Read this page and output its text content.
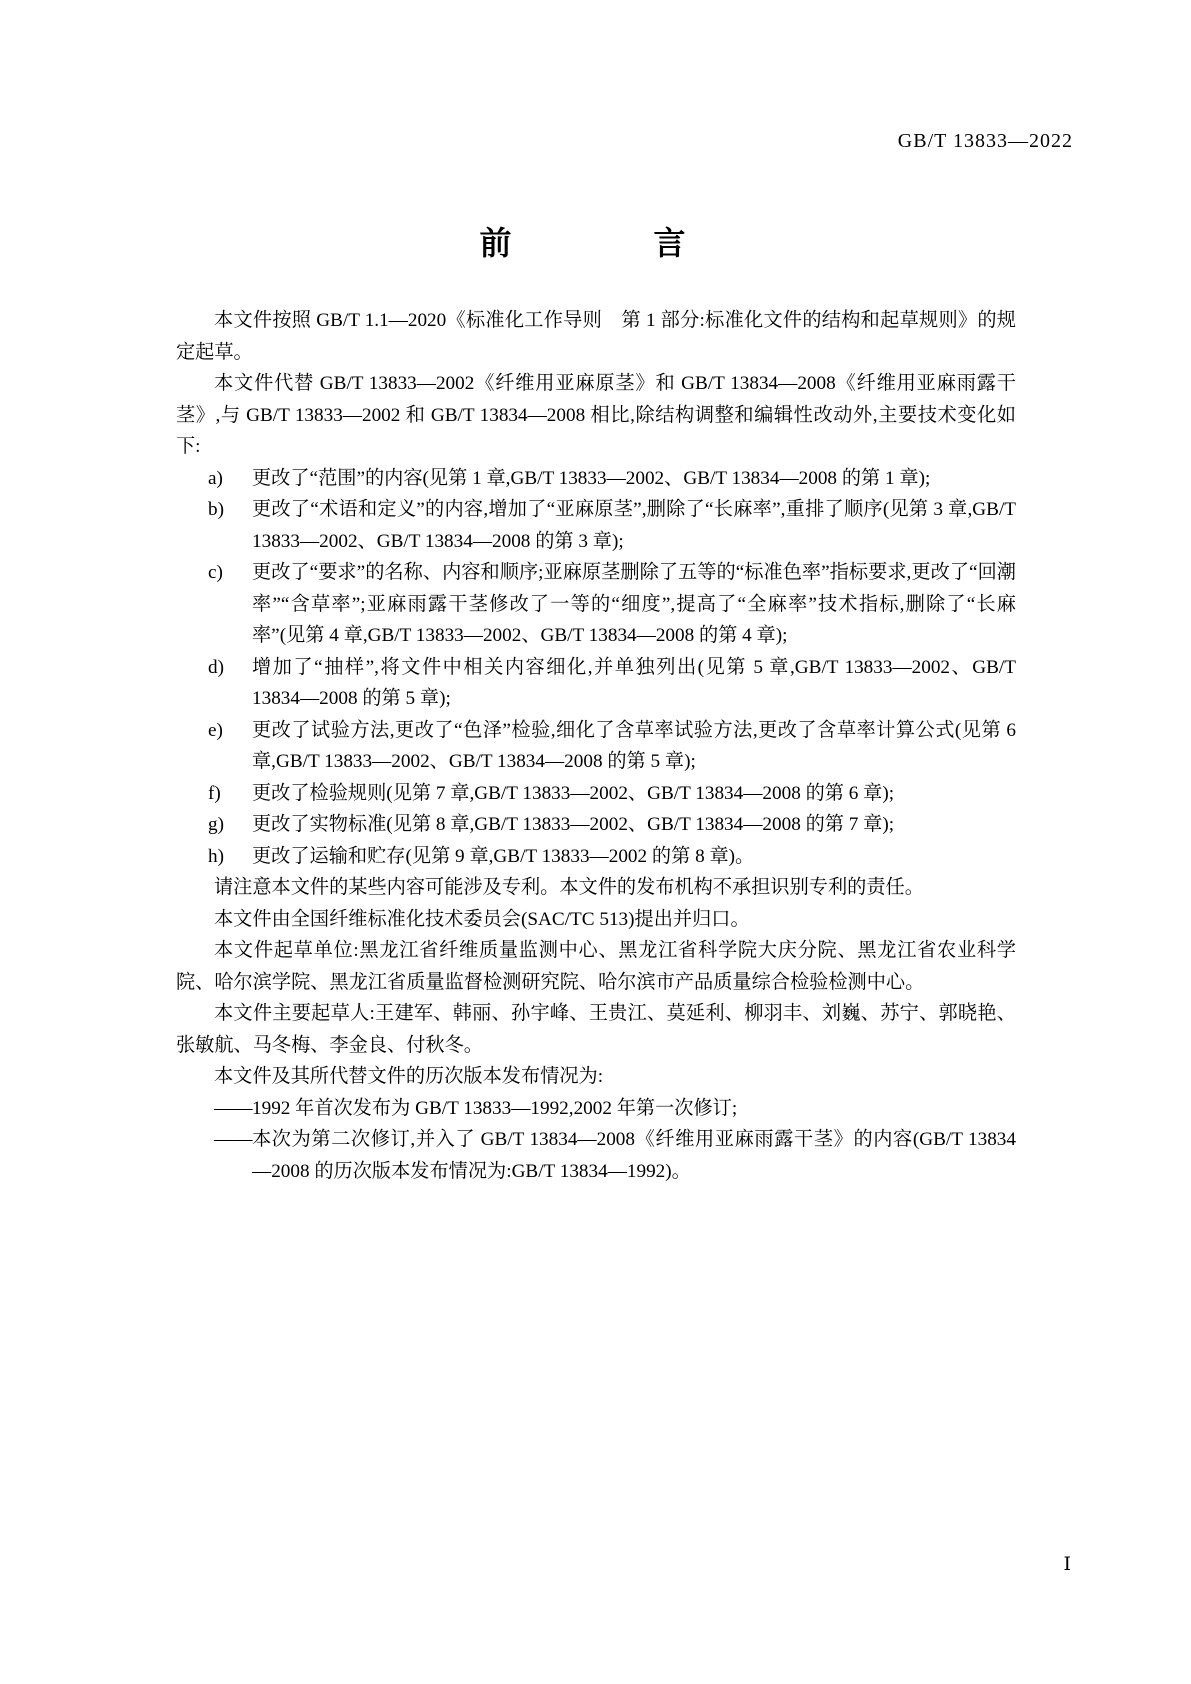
GB/T 13833—2022
前　　言

本文件按照 GB/T 1.1—2020《标准化工作导则　第 1 部分:标准化文件的结构和起草规则》的规定起草。

本文件代替 GB/T 13833—2002《纤维用亚麻原茎》和 GB/T 13834—2008《纤维用亚麻雨露干茎》,与 GB/T 13833—2002 和 GB/T 13834—2008 相比,除结构调整和编辑性改动外,主要技术变化如下:

a) 更改了“范围”的内容(见第 1 章,GB/T 13833—2002、GB/T 13834—2008 的第 1 章);

b) 更改了“术语和定义”的内容,增加了“亚麻原茎”,删除了“长麻率”,重排了顺序(见第 3 章,GB/T 13833—2002、GB/T 13834—2008 的第 3 章);

c) 更改了“要求”的名称、内容和顺序;亚麻原茎删除了五等的“标准色率”指标要求,更改了“回潮率”“含草率”;亚麻雨露干茎修改了一等的“细度”,提高了“全麻率”技术指标,删除了“长麻率”(见第 4 章,GB/T 13833—2002、GB/T 13834—2008 的第 4 章);

d) 增加了“抽样”,将文件中相关内容细化,并单独列出(见第 5 章,GB/T 13833—2002、GB/T 13834—2008 的第 5 章);

e) 更改了试验方法,更改了“色泽”检验,细化了含草率试验方法,更改了含草率计算公式(见第 6 章,GB/T 13833—2002、GB/T 13834—2008 的第 5 章);

f) 更改了检验规则(见第 7 章,GB/T 13833—2002、GB/T 13834—2008 的第 6 章);

g) 更改了实物标准(见第 8 章,GB/T 13833—2002、GB/T 13834—2008 的第 7 章);

h) 更改了运输和贮存(见第 9 章,GB/T 13833—2002 的第 8 章)。

请注意本文件的某些内容可能涉及专利。本文件的发布机构不承担识别专利的责任。

本文件由全国纤维标准化技术委员会(SAC/TC 513)提出并归口。

本文件起草单位:黑龙江省纤维质量监测中心、黑龙江省科学院大庆分院、黑龙江省农业科学院、哈尔滨学院、黑龙江省质量监督检测研究院、哈尔滨市产品质量综合检验检测中心。

本文件主要起草人:王建军、韩丽、孙宇峰、王贵江、莫延利、柳羽丰、刘巍、苏宁、郭晓艳、张敏航、马冬梅、李金良、付秋冬。

本文件及其所代替文件的历次版本发布情况为:

—— 1992 年首次发布为 GB/T 13833—1992,2002 年第一次修订;

—— 本次为第二次修订,并入了 GB/T 13834—2008《纤维用亚麻雨露干茎》的内容(GB/T 13834—2008 的历次版本发布情况为:GB/T 13834—1992)。

Ⅰ
